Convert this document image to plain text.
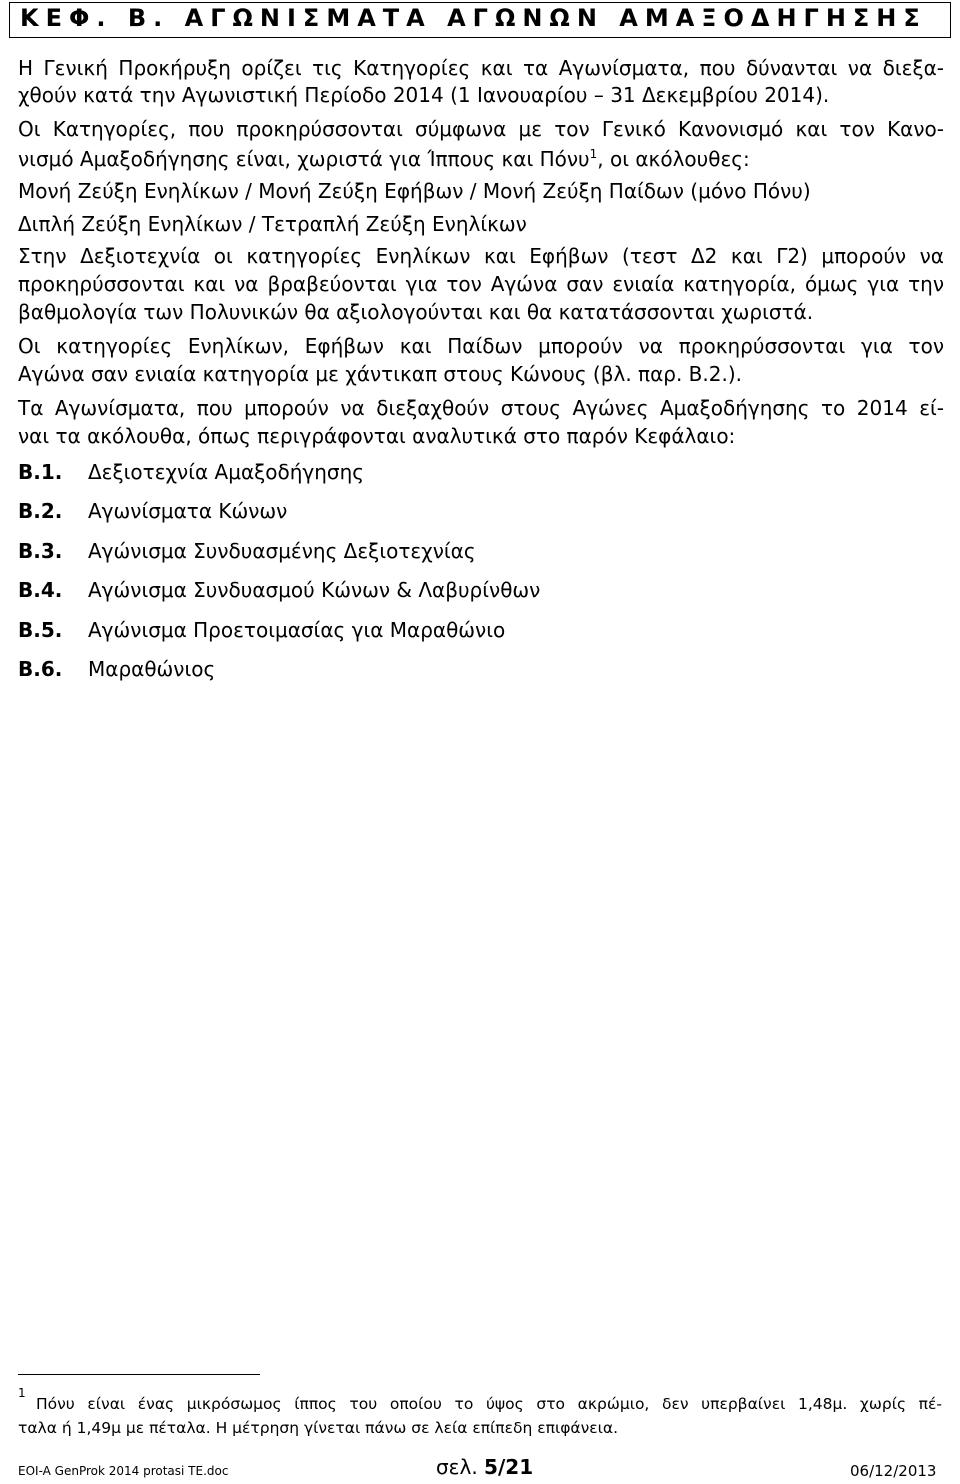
ΚΕΦ. Β. ΑΓΩΝΙΣΜΑΤΑ ΑΓΩΝΩΝ ΑΜΑΞΟΔΗΓΗΣΗΣ
Η Γενική Προκήρυξη ορίζει τις Κατηγορίες και τα Αγωνίσματα, που δύνανται να διεξα-
χθούν κατά την Αγωνιστική Περίοδο 2014 (1 Ιανουαρίου – 31 Δεκεμβρίου 2014).
Οι Κατηγορίες, που προκηρύσσονται σύμφωνα με τον Γενικό Κανονισμό και τον Κανο-
νισμό Αμαξοδήγησης είναι, χωριστά για Ίππους και Πόνυ$^1$, οι ακόλουθες:
Μονή Ζεύξη Ενηλίκων / Μονή Ζεύξη Εφήβων / Μονή Ζεύξη Παίδων (μόνο Πόνυ)
Διπλή Ζεύξη Ενηλίκων / Τετραπλή Ζεύξη Ενηλίκων
Στην Δεξιοτεχνία οι κατηγορίες Ενηλίκων και Εφήβων (τεστ Δ2 και Γ2) μπορούν να
προκηρύσσονται και να βραβεύονται για τον Αγώνα σαν ενιαία κατηγορία, όμως για την
βαθμολογία των Πολυνικών θα αξιολογούνται και θα κατατάσσονται χωριστά.
Οι κατηγορίες Ενηλίκων, Εφήβων και Παίδων μπορούν να προκηρύσσονται για τον
Αγώνα σαν ενιαία κατηγορία με χάντικαπ στους Κώνους (βλ. παρ. Β.2.).
Τα Αγωνίσματα, που μπορούν να διεξαχθούν στους Αγώνες Αμαξοδήγησης το 2014 εί-
ναι τα ακόλουθα, όπως περιγράφονται αναλυτικά στο παρόν Κεφάλαιο:
Β.1. Δεξιοτεχνία Αμαξοδήγησης
Β.2. Αγωνίσματα Κώνων
Β.3. Αγώνισμα Συνδυασμένης Δεξιοτεχνίας
Β.4. Αγώνισμα Συνδυασμού Κώνων & Λαβυρίνθων
Β.5. Αγώνισμα Προετοιμασίας για Μαραθώνιο
Β.6. Μαραθώνιος
1
Πόνυ είναι ένας μικρόσωμος ίππος του οποίου το ύψος στο ακρώμιο, δεν υπερβαίνει 1,48μ. χωρίς πέ-
ταλα ή 1,49μ με πέταλα. Η μέτρηση γίνεται πάνω σε λεία επίπεδη επιφάνεια.
EOI-A GenProk 2014 protasi TE.doc	σελ. 5/21	06/12/2013
